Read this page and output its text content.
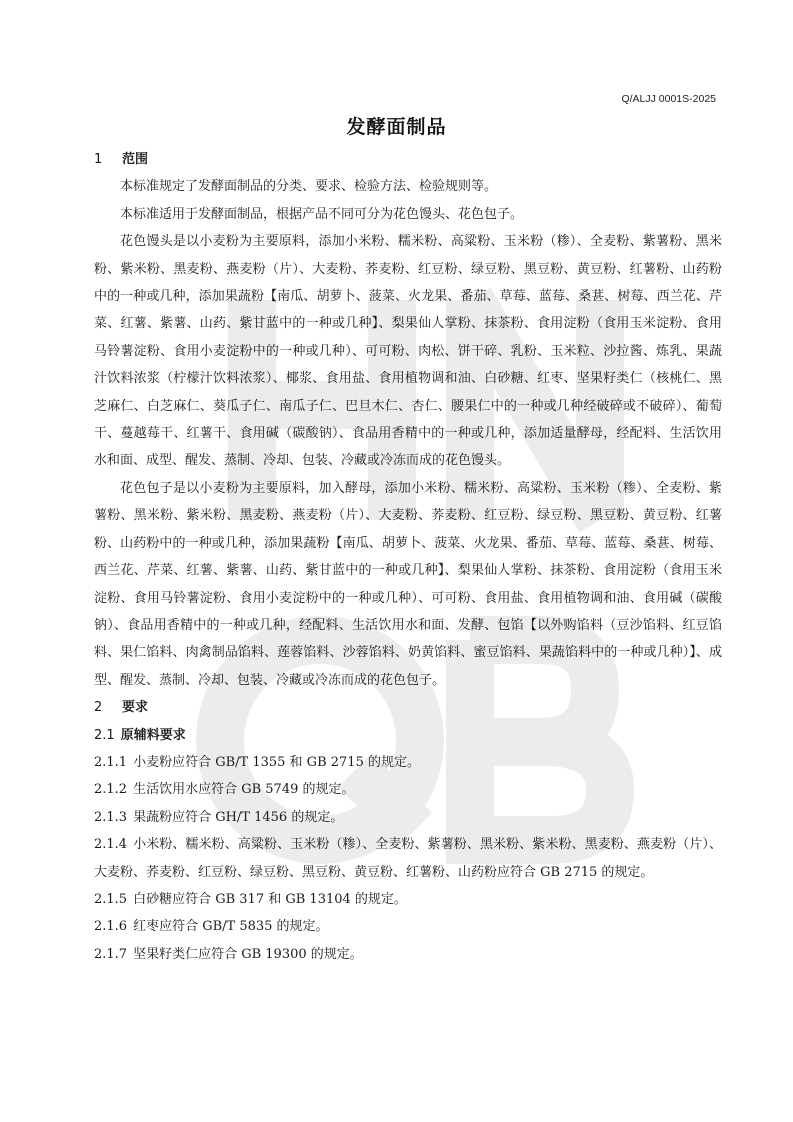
Q/ALJJ 0001S-2025
发酵面制品

1 范围

本标准规定了发酵面制品的分类、要求、检验方法、检验规则等。

本标准适用于发酵面制品，根据产品不同可分为花色馒头、花色包子。

花色馒头是以小麦粉为主要原料，添加小米粉、糯米粉、高粱粉、玉米粉（糁）、全麦粉、紫薯粉、黑米粉、紫米粉、黑麦粉、燕麦粉（片）、大麦粉、荞麦粉、红豆粉、绿豆粉、黑豆粉、黄豆粉、红薯粉、山药粉中的一种或几种，添加果蔬粉【南瓜、胡萝卜、菠菜、火龙果、番茄、草莓、蓝莓、桑葚、树莓、西兰花、芹菜、红薯、紫薯、山药、紫甘蓝中的一种或几种】、梨果仙人掌粉、抹茶粉、食用淀粉（食用玉米淀粉、食用马铃薯淀粉、食用小麦淀粉中的一种或几种）、可可粉、肉松、饼干碎、乳粉、玉米粒、沙拉酱、炼乳、果蔬汁饮料浓浆（柠檬汁饮料浓浆）、椰浆、食用盐、食用植物调和油、白砂糖、红枣、坚果籽类仁（核桃仁、黑芝麻仁、白芝麻仁、葵瓜子仁、南瓜子仁、巴旦木仁、杏仁、腰果仁中的一种或几种经破碎或不破碎）、葡萄干、蔓越莓干、红薯干、食用碱（碳酸钠）、食品用香精中的一种或几种，添加适量酵母，经配料、生活饮用水和面、成型、醒发、蒸制、冷却、包装、冷藏或冷冻而成的花色馒头。

花色包子是以小麦粉为主要原料，加入酵母，添加小米粉、糯米粉、高粱粉、玉米粉（糁）、全麦粉、紫薯粉、黑米粉、紫米粉、黑麦粉、燕麦粉（片）、大麦粉、荞麦粉、红豆粉、绿豆粉、黑豆粉、黄豆粉、红薯粉、山药粉中的一种或几种，添加果蔬粉【南瓜、胡萝卜、菠菜、火龙果、番茄、草莓、蓝莓、桑葚、树莓、西兰花、芹菜、红薯、紫薯、山药、紫甘蓝中的一种或几种】、梨果仙人掌粉、抹茶粉、食用淀粉（食用玉米淀粉、食用马铃薯淀粉、食用小麦淀粉中的一种或几种）、可可粉、食用盐、食用植物调和油、食用碱（碳酸钠）、食品用香精中的一种或几种，经配料、生活饮用水和面、发酵、包馅【以外购馅料（豆沙馅料、红豆馅料、果仁馅料、肉禽制品馅料、莲蓉馅料、沙蓉馅料、奶黄馅料、蜜豆馅料、果蔬馅料中的一种或几种）】、成型、醒发、蒸制、冷却、包装、冷藏或冷冻而成的花色包子。

2 要求

2.1 原辅料要求

2.1.1 小麦粉应符合 GB/T 1355 和 GB 2715 的规定。

2.1.2 生活饮用水应符合 GB 5749 的规定。

2.1.3 果蔬粉应符合 GH/T 1456 的规定。

2.1.4 小米粉、糯米粉、高粱粉、玉米粉（糁）、全麦粉、紫薯粉、黑米粉、紫米粉、黑麦粉、燕麦粉（片）、大麦粉、荞麦粉、红豆粉、绿豆粉、黑豆粉、黄豆粉、红薯粉、山药粉应符合 GB 2715 的规定。

2.1.5 白砂糖应符合 GB 317 和 GB 13104 的规定。

2.1.6 红枣应符合 GB/T 5835 的规定。

2.1.7 坚果籽类仁应符合 GB 19300 的规定。
